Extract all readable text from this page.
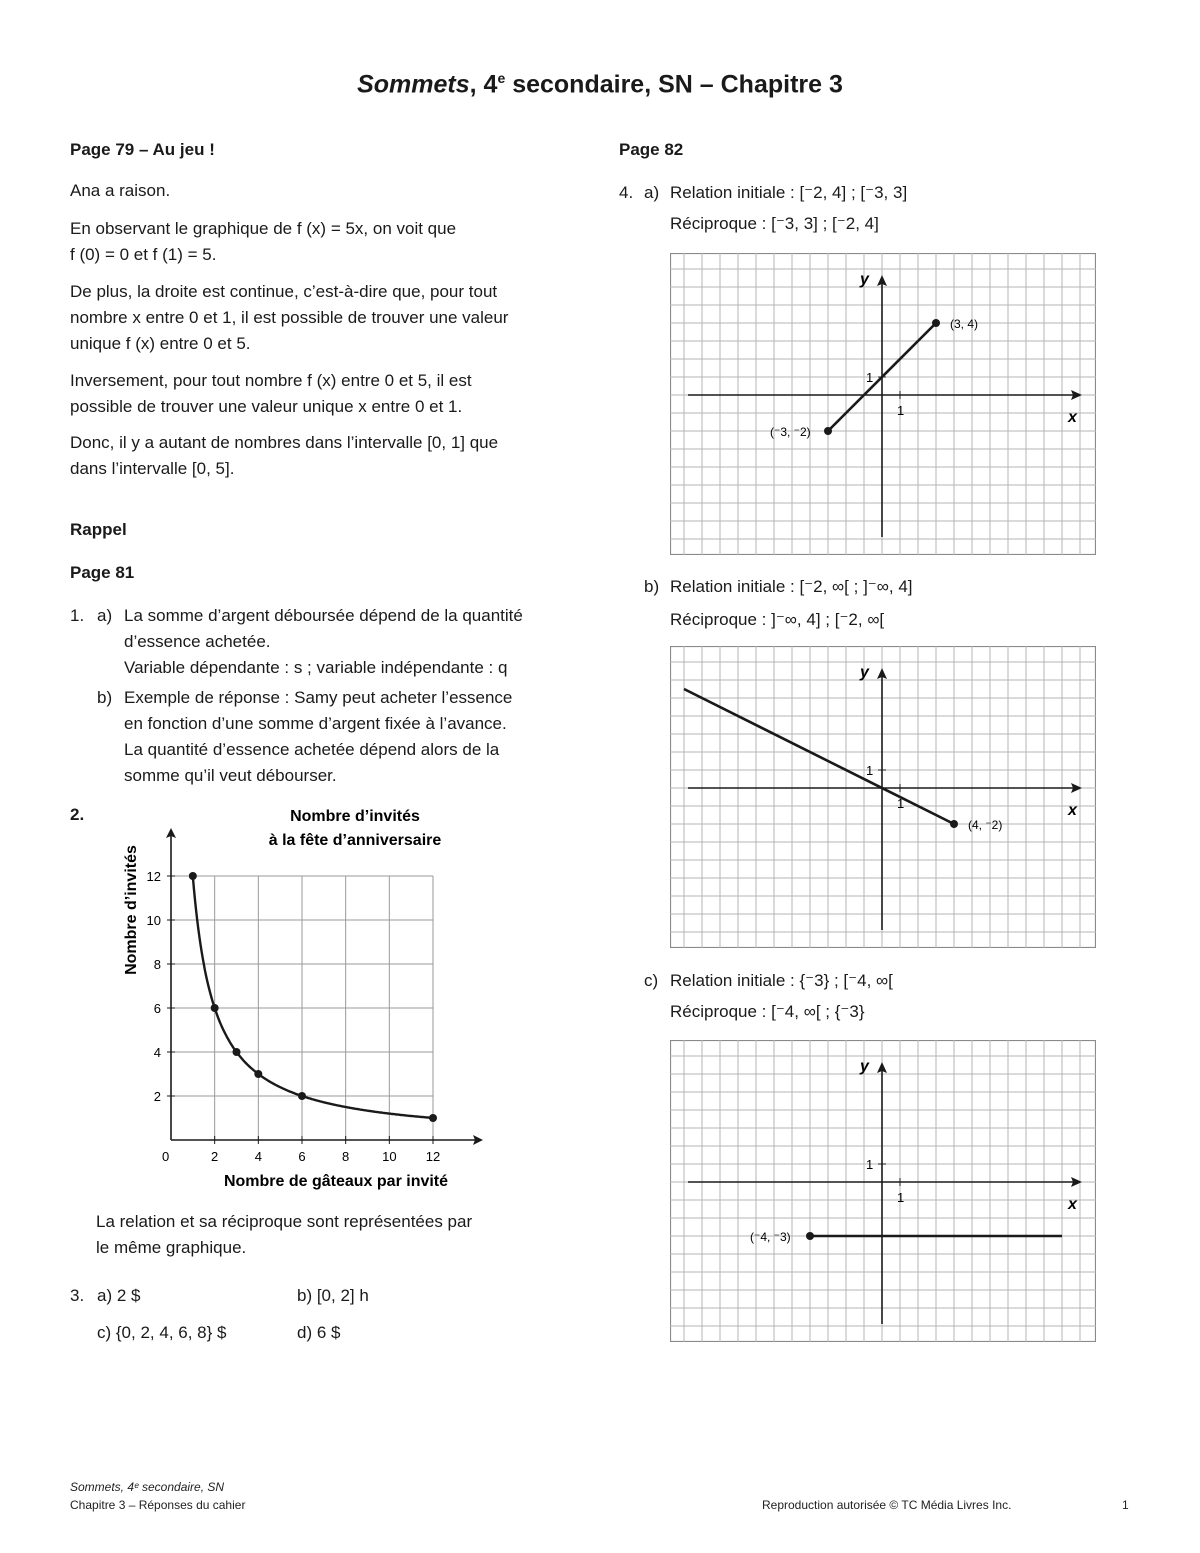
Sommets, 4e secondaire, SN – Chapitre 3
Page 79 – Au jeu !
Ana a raison.
En observant le graphique de f (x) = 5x, on voit que
f (0) = 0 et f (1) = 5.
De plus, la droite est continue, c’est-à-dire que, pour tout
nombre x entre 0 et 1, il est possible de trouver une valeur
unique f (x) entre 0 et 5.
Inversement, pour tout nombre f (x) entre 0 et 5, il est
possible de trouver une valeur unique x entre 0 et 1.
Donc, il y a autant de nombres dans l’intervalle [0, 1] que
dans l’intervalle [0, 5].
Rappel
Page 81
1. a) La somme d’argent déboursée dépend de la quantité
d’essence achetée.
Variable dépendante : s ; variable indépendante : q
b) Exemple de réponse : Samy peut acheter l’essence
en fonction d’une somme d’argent fixée à l’avance.
La quantité d’essence achetée dépend alors de la
somme qu’il veut débourser.
2.	Nombre d’invités
à la fête d’anniversaire
2	4	6	8	10 12
2
4
6
8
10
12
0
Nombre de gâteaux par invité
Nombre d’invités
La relation et sa réciproque sont représentées par
le même graphique.
3. a) 2 $	b) [0, 2] h
c) {0, 2, 4, 6, 8} $	d) 6 $
Page 82
4. a) Relation initiale : [⁻2, 4] ; [⁻3, 3]
Réciproque : [⁻3, 3] ; [⁻2, 4]
y
x
1
1
(3, 4)
(⁻3, ⁻2)
b) Relation initiale : [⁻2, ∞[ ; ]⁻∞, 4]
Réciproque : ]⁻∞, 4] ; [⁻2, ∞[
y
x
1
1
(4, ⁻2)
c) Relation initiale : {⁻3} ; [⁻4, ∞[
Réciproque : [⁻4, ∞[ ; {⁻3}
y
x
1
1
(⁻4, ⁻3)
Sommets, 4ᵉ secondaire, SN
Chapitre 3 – Réponses du cahier	Reproduction autorisée © TC Média Livres Inc.	1
